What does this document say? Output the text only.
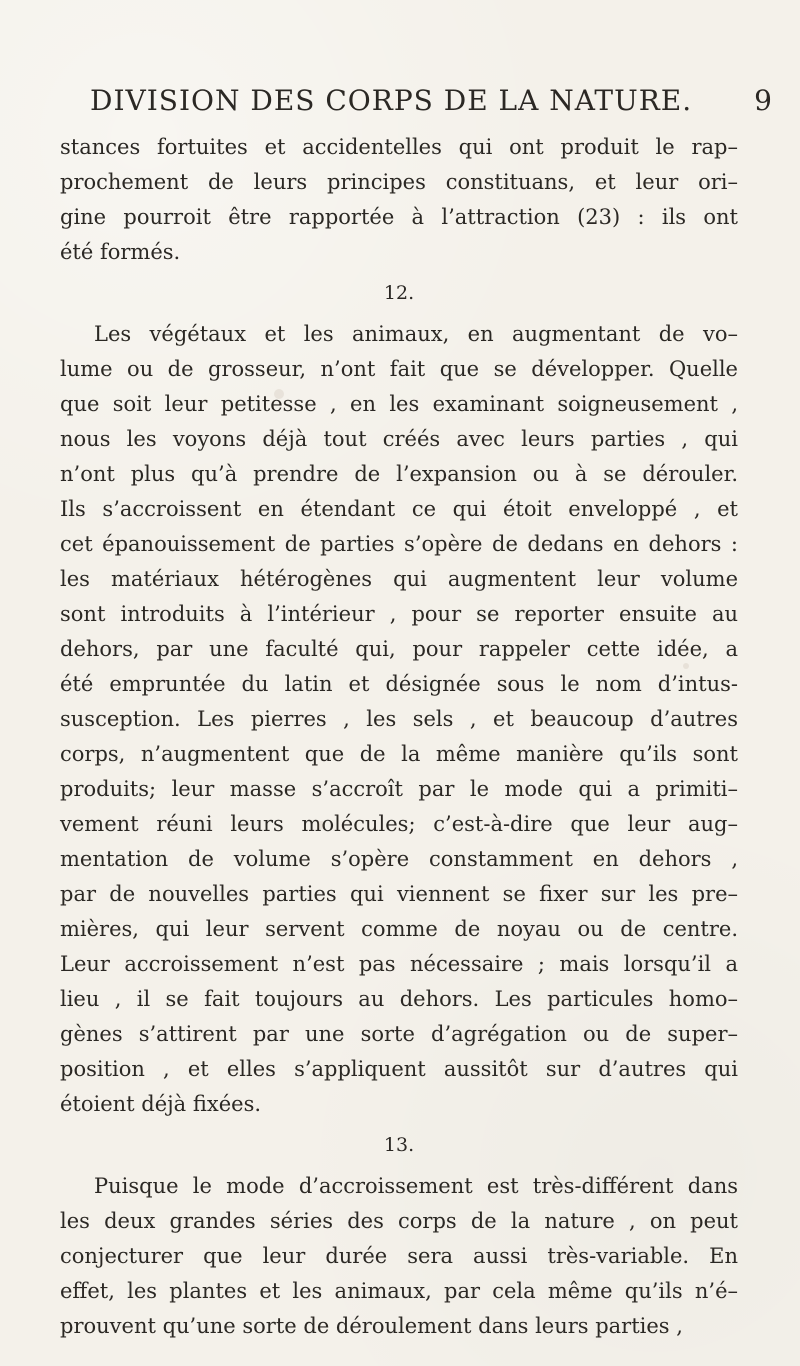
DIVISION DES CORPS DE LA NATURE. 9
stances fortuites et accidentelles qui ont produit le rap–
prochement de leurs principes constituans, et leur ori–
gine pourroit être rapportée à l’attraction (23) : ils ont
été formés.
12.
Les végétaux et les animaux, en augmentant de vo–
lume ou de grosseur, n’ont fait que se développer. Quelle
que soit leur petitesse , en les examinant soigneusement ,
nous les voyons déjà tout créés avec leurs parties , qui
n’ont plus qu’à prendre de l’expansion ou à se dérouler.
Ils s’accroissent en étendant ce qui étoit enveloppé , et
cet épanouissement de parties s’opère de dedans en dehors :
les matériaux hétérogènes qui augmentent leur volume
sont introduits à l’intérieur , pour se reporter ensuite au
dehors, par une faculté qui, pour rappeler cette idée, a
été empruntée du latin et désignée sous le nom d’intus-
susception. Les pierres , les sels , et beaucoup d’autres
corps, n’augmentent que de la même manière qu’ils sont
produits; leur masse s’accroît par le mode qui a primiti–
vement réuni leurs molécules; c’est-à-dire que leur aug–
mentation de volume s’opère constamment en dehors ,
par de nouvelles parties qui viennent se fixer sur les pre–
mières, qui leur servent comme de noyau ou de centre.
Leur accroissement n’est pas nécessaire ; mais lorsqu’il a
lieu , il se fait toujours au dehors. Les particules homo–
gènes s’attirent par une sorte d’agrégation ou de super–
position , et elles s’appliquent aussitôt sur d’autres qui
étoient déjà fixées.
13.
Puisque le mode d’accroissement est très-différent dans
les deux grandes séries des corps de la nature , on peut
conjecturer que leur durée sera aussi très-variable. En
effet, les plantes et les animaux, par cela même qu’ils n’é–
prouvent qu’une sorte de déroulement dans leurs parties ,
